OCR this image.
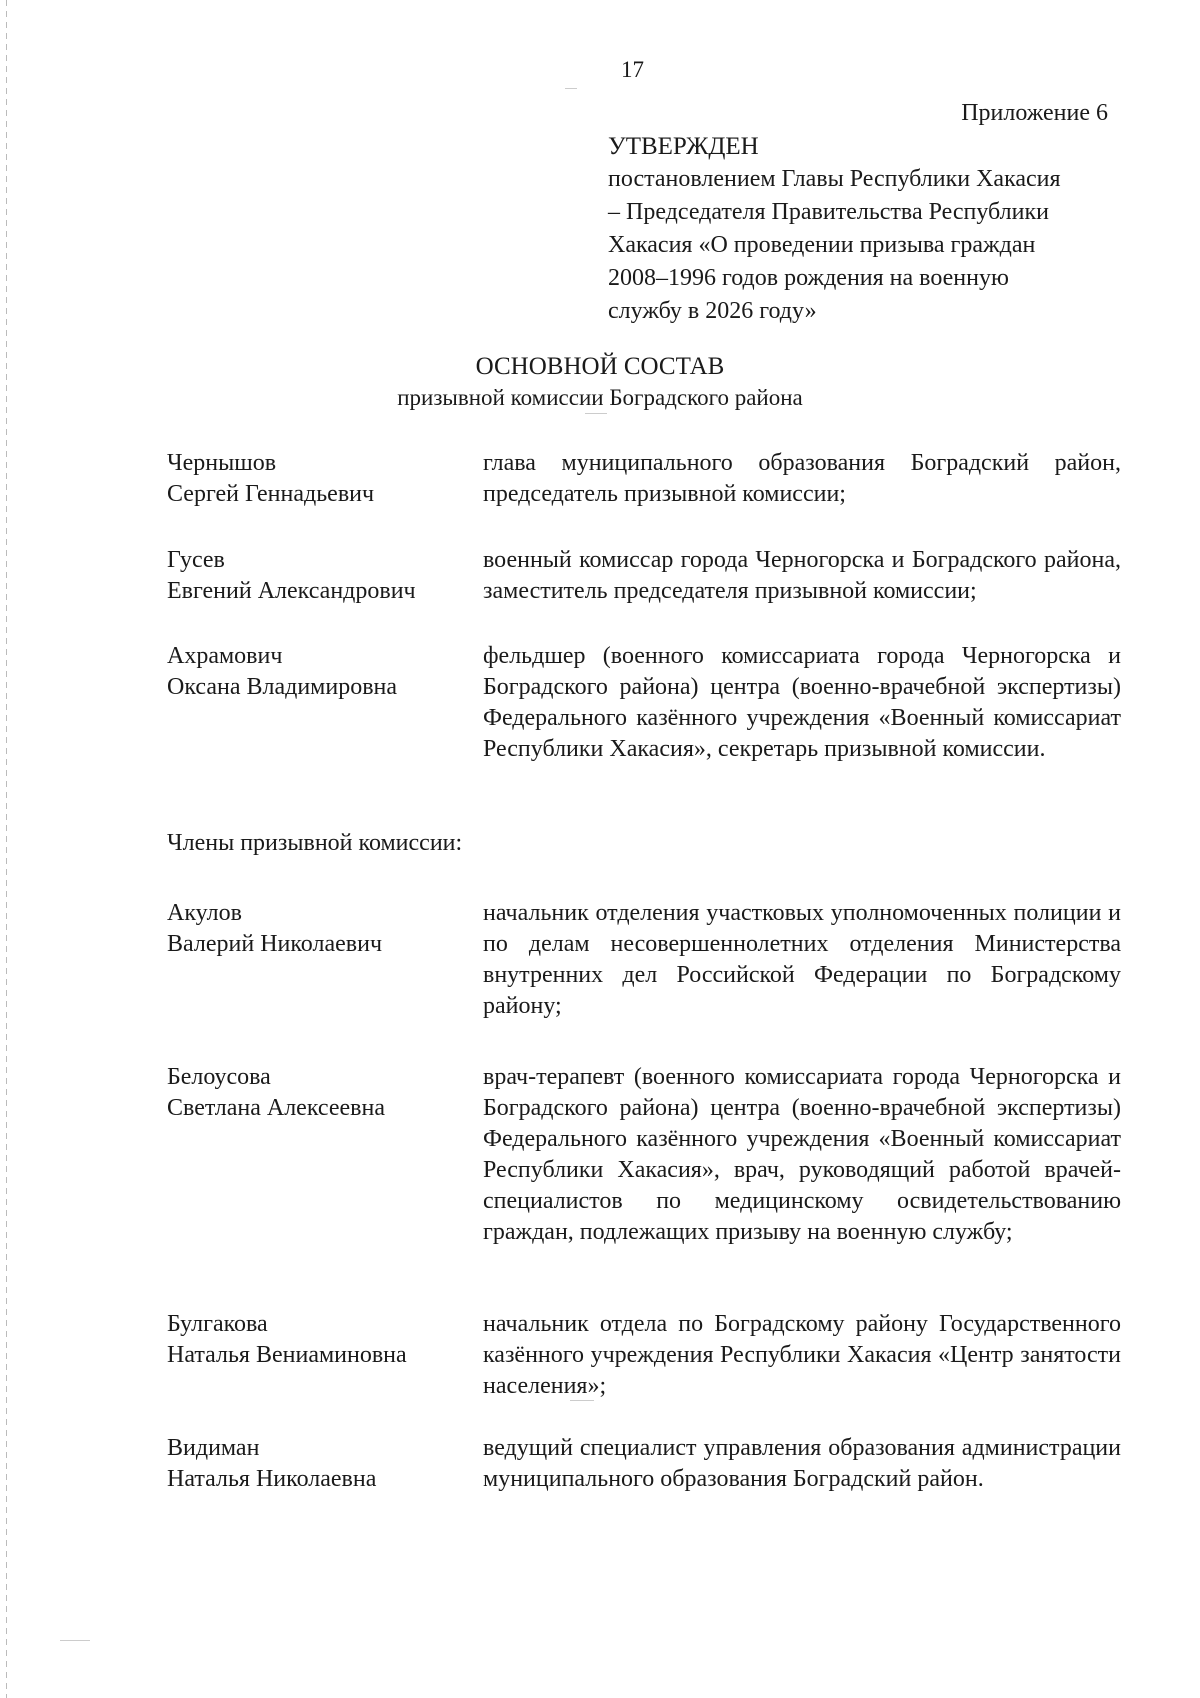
17
Приложение 6
УТВЕРЖДЕН
постановлением Главы Республики Хакасия
– Председателя Правительства Республики
Хакасия «О проведении призыва граждан
2008–1996 годов рождения на военную
службу в 2026 году»
ОСНОВНОЙ СОСТАВ
призывной комиссии Боградского района
Чернышов
Сергей Геннадьевич

глава муниципального образования Боградский район, председатель призывной комиссии;

Гусев
Евгений Александрович

военный комиссар города Черногорска и Боградского района, заместитель председателя призывной комиссии;

Ахрамович
Оксана Владимировна

фельдшер (военного комиссариата города Черногорска и Боградского района) центра (военно-врачебной экспертизы) Федерального казённого учреждения «Военный комиссариат Республики Хакасия», секретарь призывной комиссии.

Члены призывной комиссии:
Акулов
Валерий Николаевич

начальник отделения участковых уполномоченных полиции и по делам несовершеннолетних отделения Министерства внутренних дел Российской Федерации по Боградскому району;

Белоусова
Светлана Алексеевна

врач-терапевт (военного комиссариата города Черногорска и Боградского района) центра (военно-врачебной экспертизы) Федерального казённого учреждения «Военный комиссариат Республики Хакасия», врач, руководящий работой врачей-специалистов по медицинскому освидетельствованию граждан, подлежащих призыву на военную службу;

Булгакова
Наталья Вениаминовна

начальник отдела по Боградскому району Государственного казённого учреждения Республики Хакасия «Центр занятости населения»;

Видиман
Наталья Николаевна

ведущий специалист управления образования администрации муниципального образования Боградский район.
